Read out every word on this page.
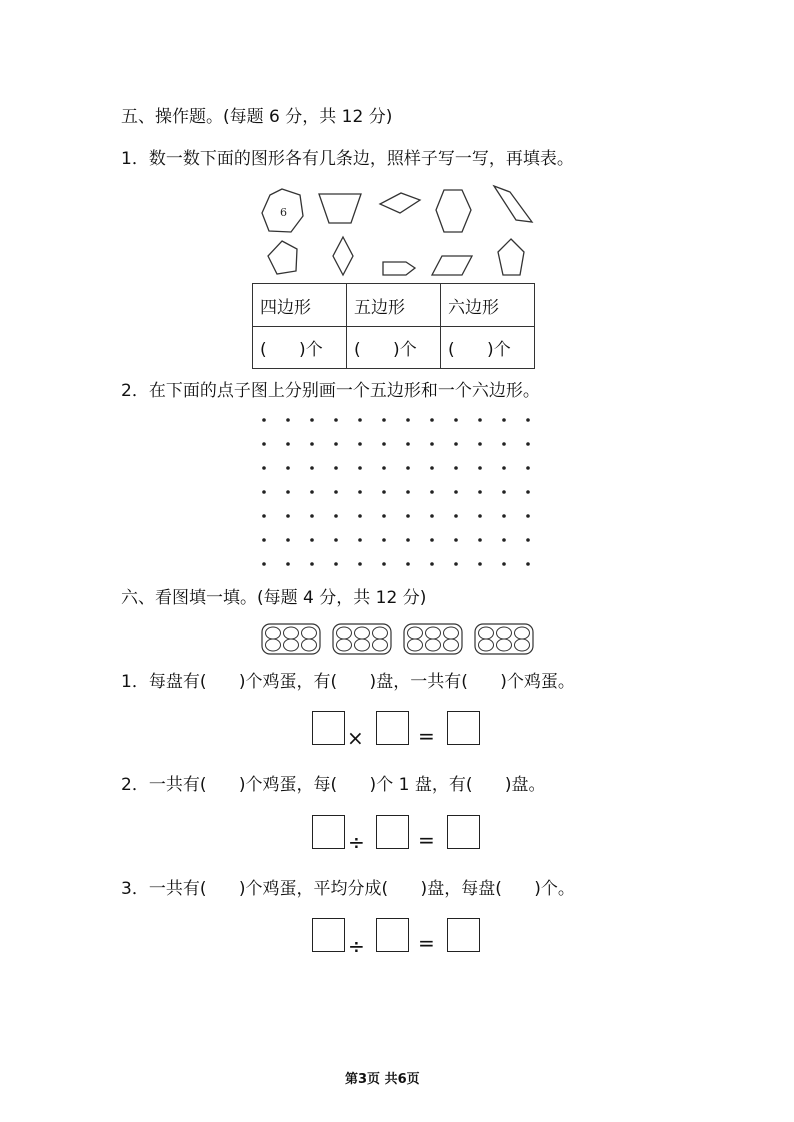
五、操作题。(每题 6 分，共 12 分)
1．数一数下面的图形各有几条边，照样子写一写，再填表。
6
四边形	五边形	六边形
(      )个	(      )个	(      )个
2．在下面的点子图上分别画一个五边形和一个六边形。
六、看图填一填。(每题 4 分，共 12 分)
1．每盘有(      )个鸡蛋，有(      )盘，一共有(      )个鸡蛋。
×	=
2．一共有(      )个鸡蛋，每(      )个 1 盘，有(      )盘。
÷	=
3．一共有(      )个鸡蛋，平均分成(      )盘，每盘(      )个。
÷	=
第3页 共6页
